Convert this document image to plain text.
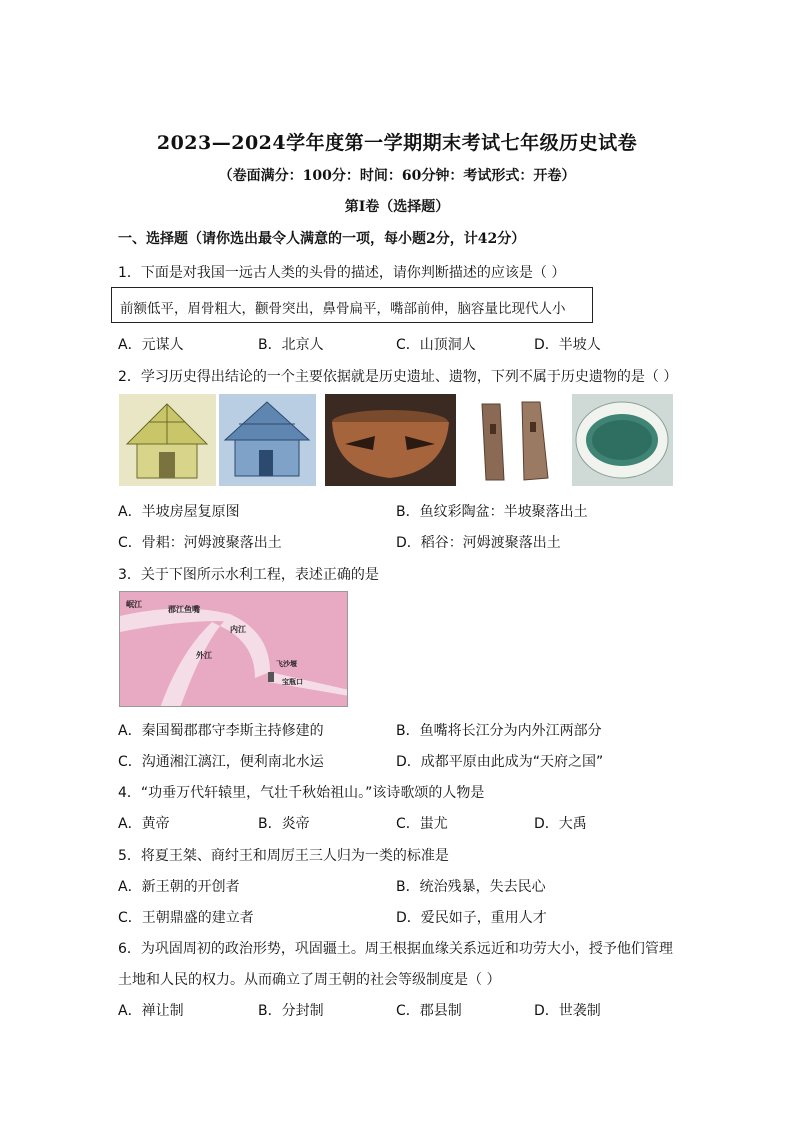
2023—2024学年度第一学期期末考试七年级历史试卷
（卷面满分：100分：时间：60分钟：考试形式：开卷）
第Ⅰ卷（选择题）
一、选择题（请你选出最令人满意的一项，每小题2分，计42分）
1．下面是对我国一远古人类的头骨的描述，请你判断描述的应该是（ ）
前额低平，眉骨粗大，颧骨突出，鼻骨扁平，嘴部前伸，脑容量比现代人小
A．元谋人	B．北京人	C．山顶洞人	D．半坡人
2．学习历史得出结论的一个主要依据就是历史遗址、遗物，下列不属于历史遗物的是（ ）
A．半坡房屋复原图	B．鱼纹彩陶盆：半坡聚落出土
C．骨耜：河姆渡聚落出土	D．稻谷：河姆渡聚落出土
3．关于下图所示水利工程，表述正确的是
岷江
郡江鱼嘴
内江
外江
飞沙堰
宝瓶口
A．秦国蜀郡郡守李斯主持修建的	B．鱼嘴将长江分为内外江两部分
C．沟通湘江漓江，便利南北水运	D．成都平原由此成为“天府之国”
4．“功垂万代轩辕里，气壮千秋始祖山。”该诗歌颂的人物是
A．黄帝	B．炎帝	C．蚩尤	D．大禹
5．将夏王桀、商纣王和周厉王三人归为一类的标准是
A．新王朝的开创者	B．统治残暴，失去民心
C．王朝鼎盛的建立者	D．爱民如子，重用人才
6．为巩固周初的政治形势，巩固疆土。周王根据血缘关系远近和功劳大小，授予他们管理
土地和人民的权力。从而确立了周王朝的社会等级制度是（ ）
A．禅让制	B．分封制	C．郡县制	D．世袭制
